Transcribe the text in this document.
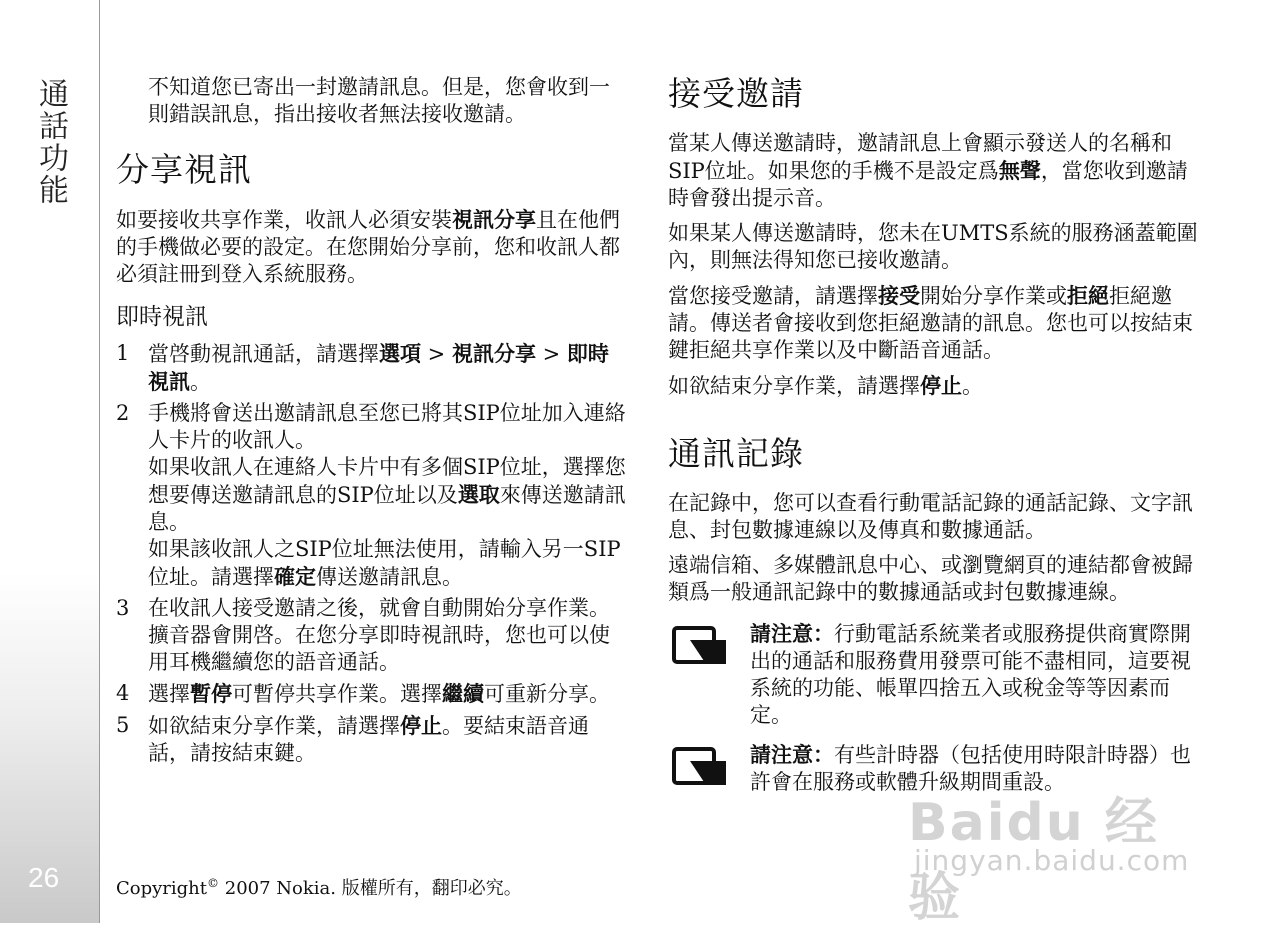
通話功能
26

不知道您已寄出一封邀請訊息。但是，您會收到一則錯誤訊息，指出接收者無法接收邀請。

分享視訊

如要接收共享作業，收訊人必須安裝視訊分享且在他們的手機做必要的設定。在您開始分享前，您和收訊人都必須註冊到登入系統服務。

即時視訊
1 當啓動視訊通話，請選擇選項 > 視訊分享 > 即時視訊。

2 手機將會送出邀請訊息至您已將其SIP位址加入連絡人卡片的收訊人。

如果收訊人在連絡人卡片中有多個SIP位址，選擇您想要傳送邀請訊息的SIP位址以及選取來傳送邀請訊息。

如果該收訊人之SIP位址無法使用，請輸入另一SIP位址。請選擇確定傳送邀請訊息。

3 在收訊人接受邀請之後，就會自動開始分享作業。

擴音器會開啓。在您分享即時視訊時，您也可以使用耳機繼續您的語音通話。

4 選擇暫停可暫停共享作業。選擇繼續可重新分享。

5 如欲結束分享作業，請選擇停止。要結束語音通話，請按結束鍵。

接受邀請

當某人傳送邀請時，邀請訊息上會顯示發送人的名稱和SIP位址。如果您的手機不是設定爲無聲，當您收到邀請時會發出提示音。

如果某人傳送邀請時，您未在UMTS系統的服務涵蓋範圍內，則無法得知您已接收邀請。

當您接受邀請，請選擇接受開始分享作業或拒絕拒絕邀請。傳送者會接收到您拒絕邀請的訊息。您也可以按結束鍵拒絕共享作業以及中斷語音通話。

如欲結束分享作業，請選擇停止。

通訊記錄

在記錄中，您可以查看行動電話記錄的通話記錄、文字訊息、封包數據連線以及傳真和數據通話。

遠端信箱、多媒體訊息中心、或瀏覽網頁的連結都會被歸類爲一般通訊記錄中的數據通話或封包數據連線。

請注意：行動電話系統業者或服務提供商實際開出的通話和服務費用發票可能不盡相同，這要視系統的功能、帳單四捨五入或稅金等等因素而定。

請注意：有些計時器（包括使用時限計時器）也許會在服務或軟體升級期間重設。

Copyright© 2007 Nokia. 版權所有，翻印必究。
Baidu 经验
jingyan.baidu.com
